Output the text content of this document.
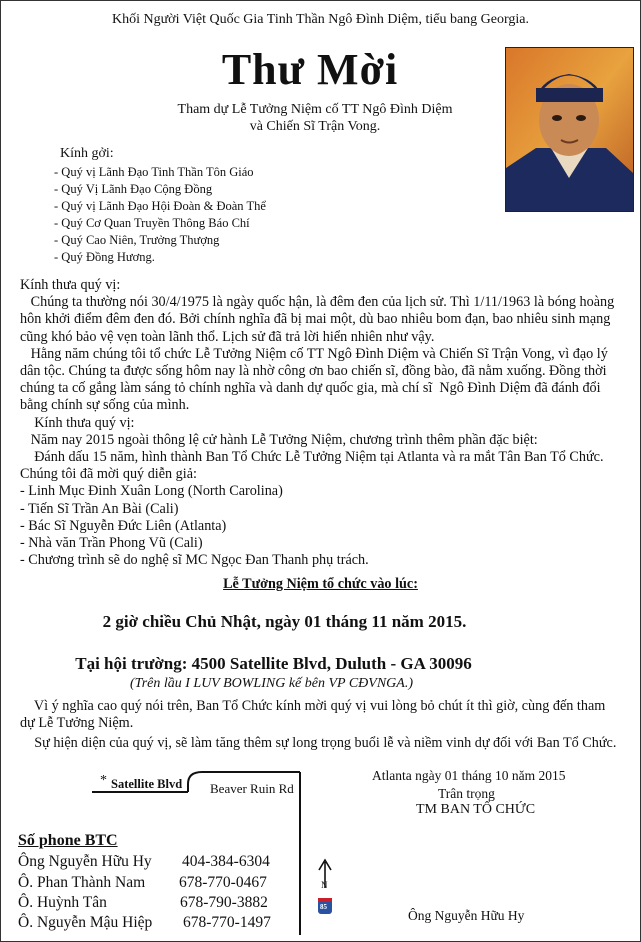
Khối Người Việt Quốc Gia Tinh Thần Ngô Đình Diệm, tiểu bang Georgia.
Thư Mời
Tham dự Lễ Tưởng Niệm cố TT Ngô Đình Diệm
và Chiến Sĩ Trận Vong.
Kính gởi:
- Quý vị Lãnh Đạo Tinh Thần Tôn Giáo
- Quý Vị Lãnh Đạo Cộng Đồng
- Quý vị Lãnh Đạo Hội Đoàn & Đoàn Thể
- Quý Cơ Quan Truyền Thông Báo Chí
- Quý Cao Niên, Trưởng Thượng
- Quý Đồng Hương.
Kính thưa quý vị:
Chúng ta thường nói 30/4/1975 là ngày quốc hận, là đêm đen của lịch sử. Thì 1/11/1963 là bóng hoàng
hôn khởi điểm đêm đen đó. Bởi chính nghĩa đã bị mai một, dù bao nhiêu bom đạn, bao nhiêu sinh mạng
cũng khó bảo vệ vẹn toàn lãnh thổ. Lịch sử đã trả lời hiển nhiên như vậy.
Hằng năm chúng tôi tổ chức Lễ Tưởng Niệm cố TT Ngô Đình Diệm và Chiến Sĩ Trận Vong, vì đạo lý
dân tộc. Chúng ta được sống hôm nay là nhờ công ơn bao chiến sĩ, đồng bào, đã nằm xuống. Đồng thời
chúng ta cố gắng làm sáng tỏ chính nghĩa và danh dự quốc gia, mà chí sĩ  Ngô Đình Diệm đã đánh đổi
bằng chính sự sống của mình.
Kính thưa quý vị:
Năm nay 2015 ngoài thông lệ cử hành Lễ Tưởng Niệm, chương trình thêm phần đặc biệt:
Đánh dấu 15 năm, hình thành Ban Tổ Chức Lễ Tưởng Niệm tại Atlanta và ra mắt Tân Ban Tổ Chức.
Chúng tôi đã mời quý diễn giả:
- Linh Mục Đinh Xuân Long (North Carolina)
- Tiến Sĩ Trần An Bài (Cali)
- Bác Sĩ Nguyễn Đức Liên (Atlanta)
- Nhà văn Trần Phong Vũ (Cali)
- Chương trình sẽ do nghệ sĩ MC Ngọc Đan Thanh phụ trách.
Lễ Tưởng Niệm tổ chức vào lúc:
2 giờ chiều Chủ Nhật, ngày 01 tháng 11 năm 2015.
Tại hội trường: 4500 Satellite Blvd, Duluth - GA 30096
(Trên lầu I LUV BOWLING kế bên VP CĐVNGA.)
Vì ý nghĩa cao quý nói trên, Ban Tổ Chức kính mời quý vị vui lòng bỏ chút ít thì giờ, cùng đến tham
dự Lễ Tưởng Niệm.
Sự hiện diện của quý vị, sẽ làm tăng thêm sự long trọng buổi lễ và niềm vinh dự đối với Ban Tổ Chức.
* Satellite Blvd Beaver Ruin Rd
N
85
Atlanta ngày 01 tháng 10 năm 2015
Trân trọng
TM BAN TỔ CHỨC
Ông Nguyễn Hữu Hy
Số phone BTC
Ông Nguyễn Hữu Hy 404-384-6304
Ô. Phan Thành Nam 678-770-0467
Ô. Huỳnh Tân	678-790-3882
Ô. Nguyễn Mậu Hiệp 678-770-1497
